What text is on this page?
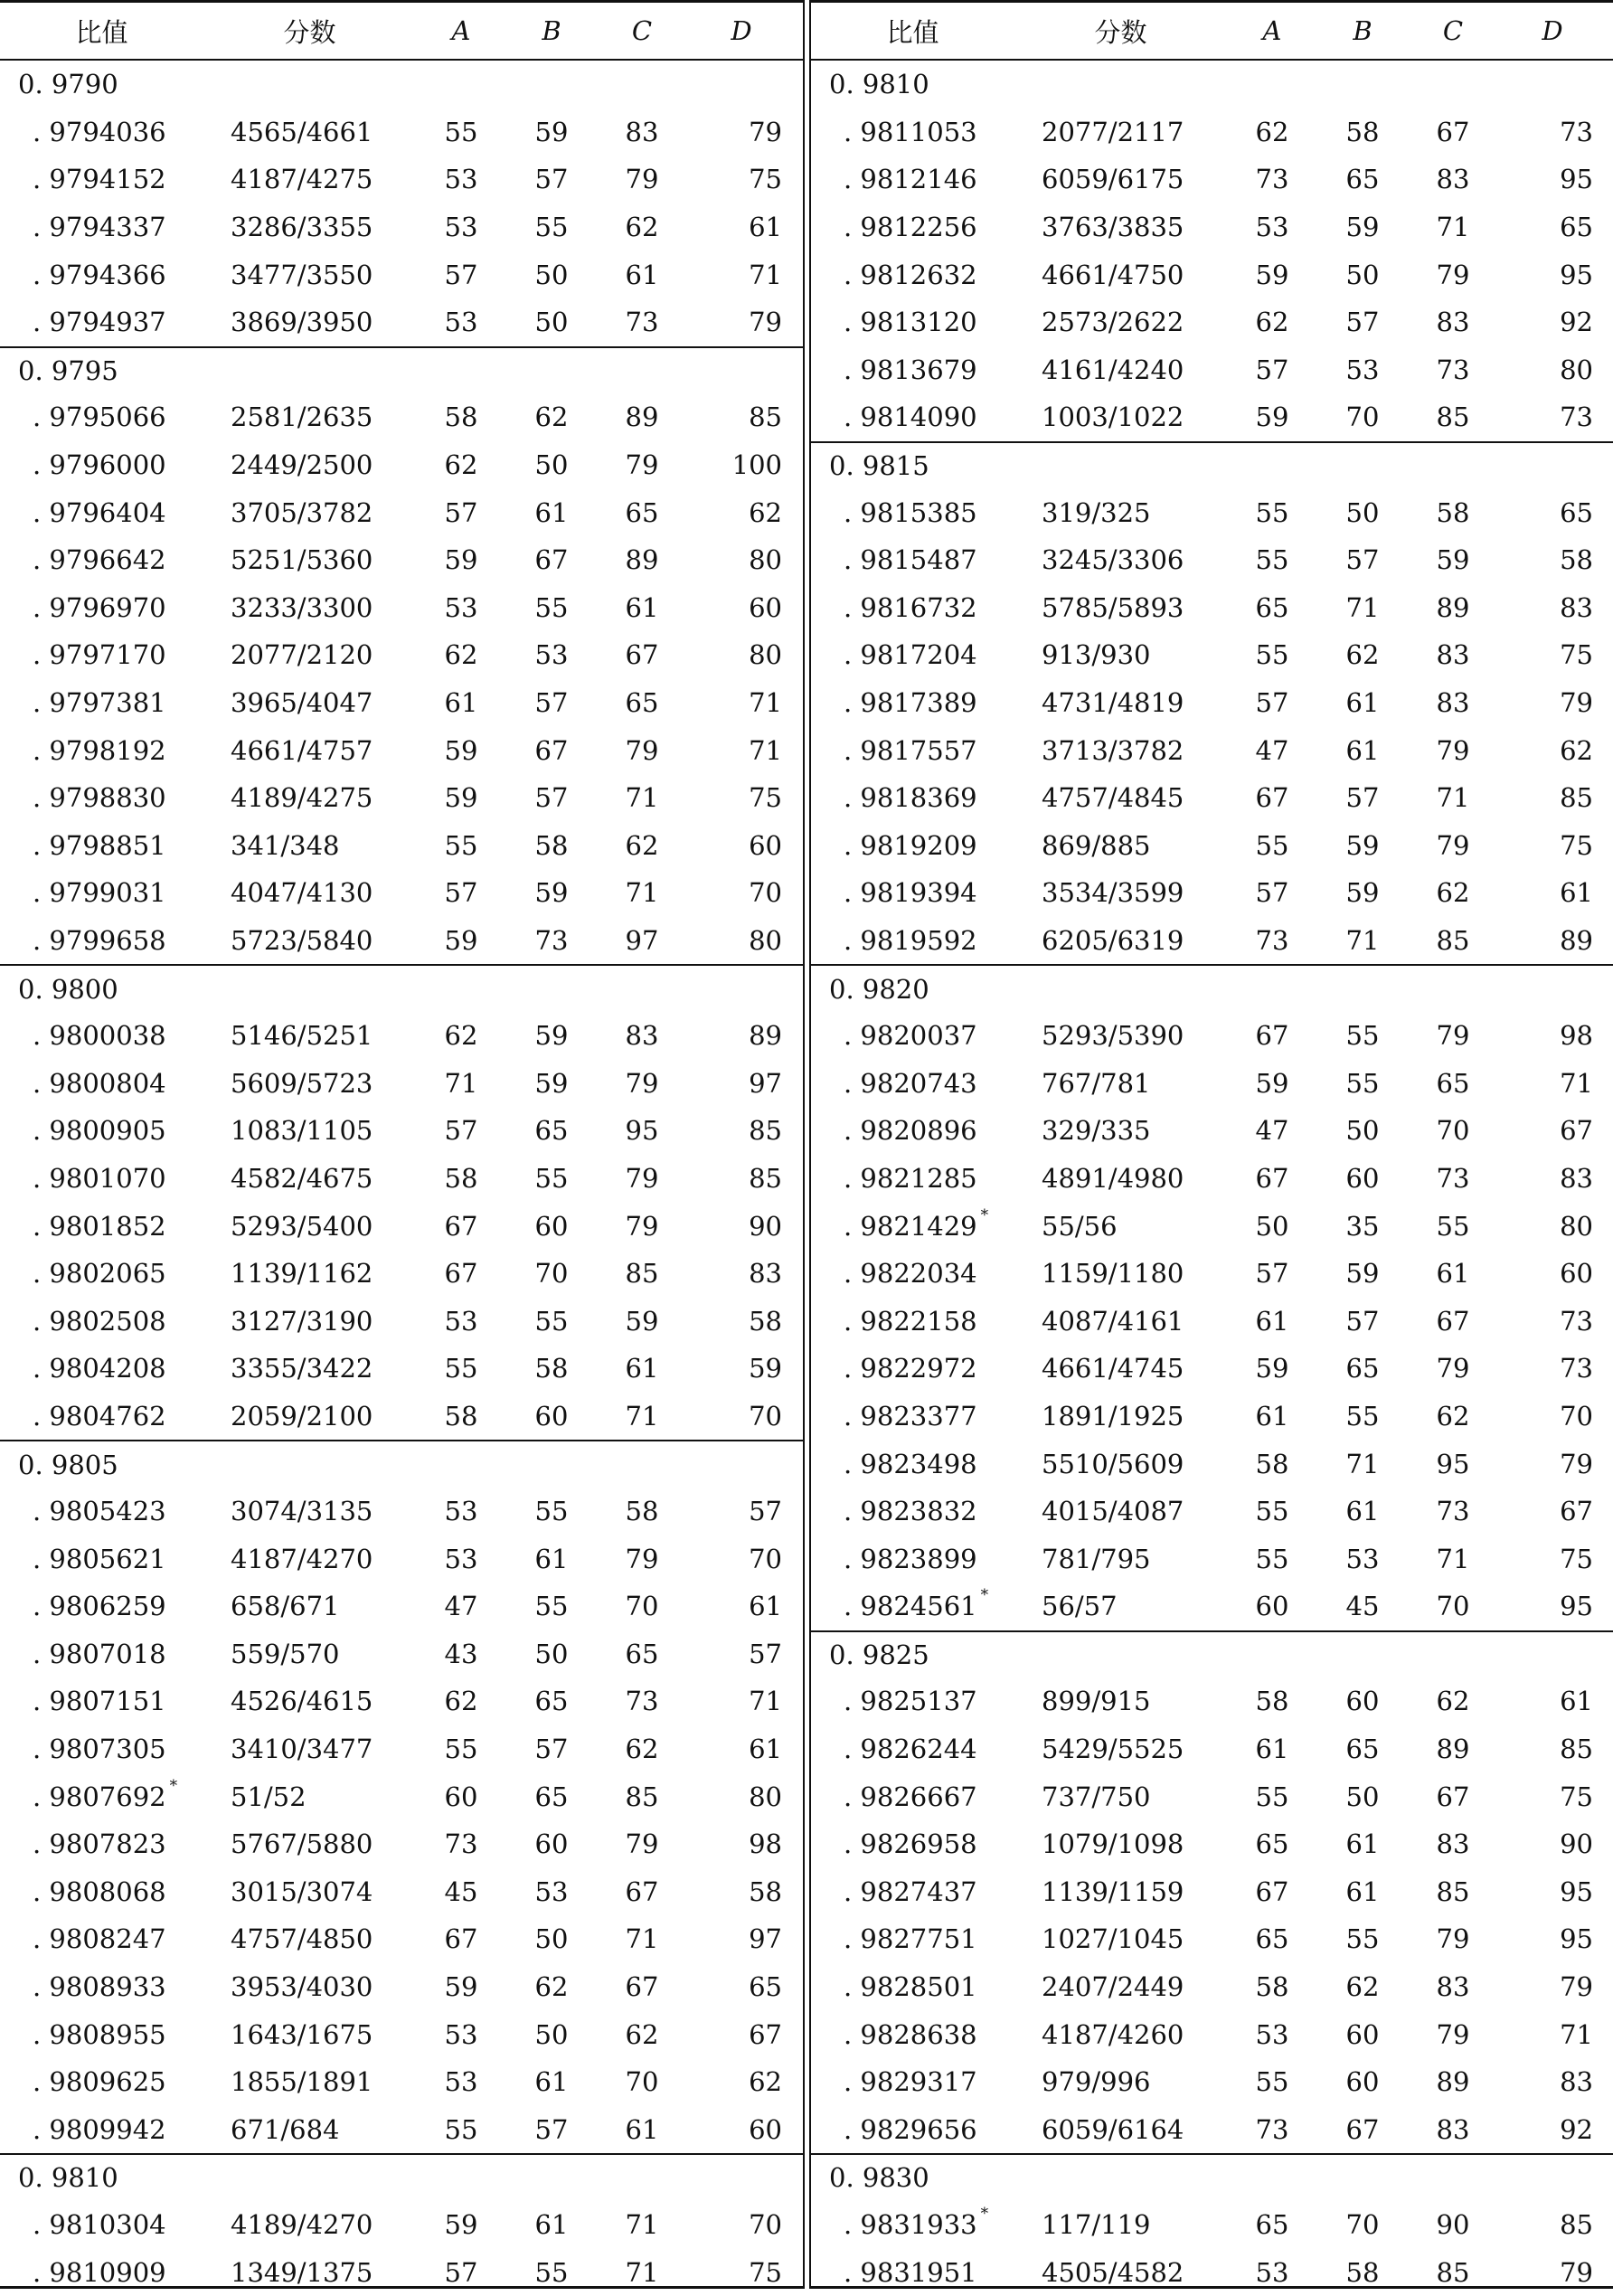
比值	分数	A	B	C	D
0. 9790
. 9794036	4565/4661	55	59	83	79
. 9794152	4187/4275	53	57	79	75
. 9794337	3286/3355	53	55	62	61
. 9794366	3477/3550	57	50	61	71
. 9794937	3869/3950	53	50	73	79
0. 9795
. 9795066	2581/2635	58	62	89	85
. 9796000	2449/2500	62	50	79	100
. 9796404	3705/3782	57	61	65	62
. 9796642	5251/5360	59	67	89	80
. 9796970	3233/3300	53	55	61	60
. 9797170	2077/2120	62	53	67	80
. 9797381	3965/4047	61	57	65	71
. 9798192	4661/4757	59	67	79	71
. 9798830	4189/4275	59	57	71	75
. 9798851	341/348	55	58	62	60
. 9799031	4047/4130	57	59	71	70
. 9799658	5723/5840	59	73	97	80
0. 9800
. 9800038	5146/5251	62	59	83	89
. 9800804	5609/5723	71	59	79	97
. 9800905	1083/1105	57	65	95	85
. 9801070	4582/4675	58	55	79	85
. 9801852	5293/5400	67	60	79	90
. 9802065	1139/1162	67	70	85	83
. 9802508	3127/3190	53	55	59	58
. 9804208	3355/3422	55	58	61	59
. 9804762	2059/2100	58	60	71	70
0. 9805
. 9805423	3074/3135	53	55	58	57
. 9805621	4187/4270	53	61	79	70
. 9806259	658/671	47	55	70	61
. 9807018	559/570	43	50	65	57
. 9807151	4526/4615	62	65	73	71
. 9807305	3410/3477	55	57	62	61
. 9807692 *	51/52	60	65	85	80
. 9807823	5767/5880	73	60	79	98
. 9808068	3015/3074	45	53	67	58
. 9808247	4757/4850	67	50	71	97
. 9808933	3953/4030	59	62	67	65
. 9808955	1643/1675	53	50	62	67
. 9809625	1855/1891	53	61	70	62
. 9809942	671/684	55	57	61	60
0. 9810
. 9810304	4189/4270	59	61	71	70
. 9810909	1349/1375	57	55	71	75
比值	分数	A	B	C	D
0. 9810
. 9811053	2077/2117	62	58	67	73
. 9812146	6059/6175	73	65	83	95
. 9812256	3763/3835	53	59	71	65
. 9812632	4661/4750	59	50	79	95
. 9813120	2573/2622	62	57	83	92
. 9813679	4161/4240	57	53	73	80
. 9814090	1003/1022	59	70	85	73
0. 9815
. 9815385	319/325	55	50	58	65
. 9815487	3245/3306	55	57	59	58
. 9816732	5785/5893	65	71	89	83
. 9817204	913/930	55	62	83	75
. 9817389	4731/4819	57	61	83	79
. 9817557	3713/3782	47	61	79	62
. 9818369	4757/4845	67	57	71	85
. 9819209	869/885	55	59	79	75
. 9819394	3534/3599	57	59	62	61
. 9819592	6205/6319	73	71	85	89
0. 9820
. 9820037	5293/5390	67	55	79	98
. 9820743	767/781	59	55	65	71
. 9820896	329/335	47	50	70	67
. 9821285	4891/4980	67	60	73	83
. 9821429 *	55/56	50	35	55	80
. 9822034	1159/1180	57	59	61	60
. 9822158	4087/4161	61	57	67	73
. 9822972	4661/4745	59	65	79	73
. 9823377	1891/1925	61	55	62	70
. 9823498	5510/5609	58	71	95	79
. 9823832	4015/4087	55	61	73	67
. 9823899	781/795	55	53	71	75
. 9824561 *	56/57	60	45	70	95
0. 9825
. 9825137	899/915	58	60	62	61
. 9826244	5429/5525	61	65	89	85
. 9826667	737/750	55	50	67	75
. 9826958	1079/1098	65	61	83	90
. 9827437	1139/1159	67	61	85	95
. 9827751	1027/1045	65	55	79	95
. 9828501	2407/2449	58	62	83	79
. 9828638	4187/4260	53	60	79	71
. 9829317	979/996	55	60	89	83
. 9829656	6059/6164	73	67	83	92
0. 9830
. 9831933 *	117/119	65	70	90	85
. 9831951	4505/4582	53	58	85	79
